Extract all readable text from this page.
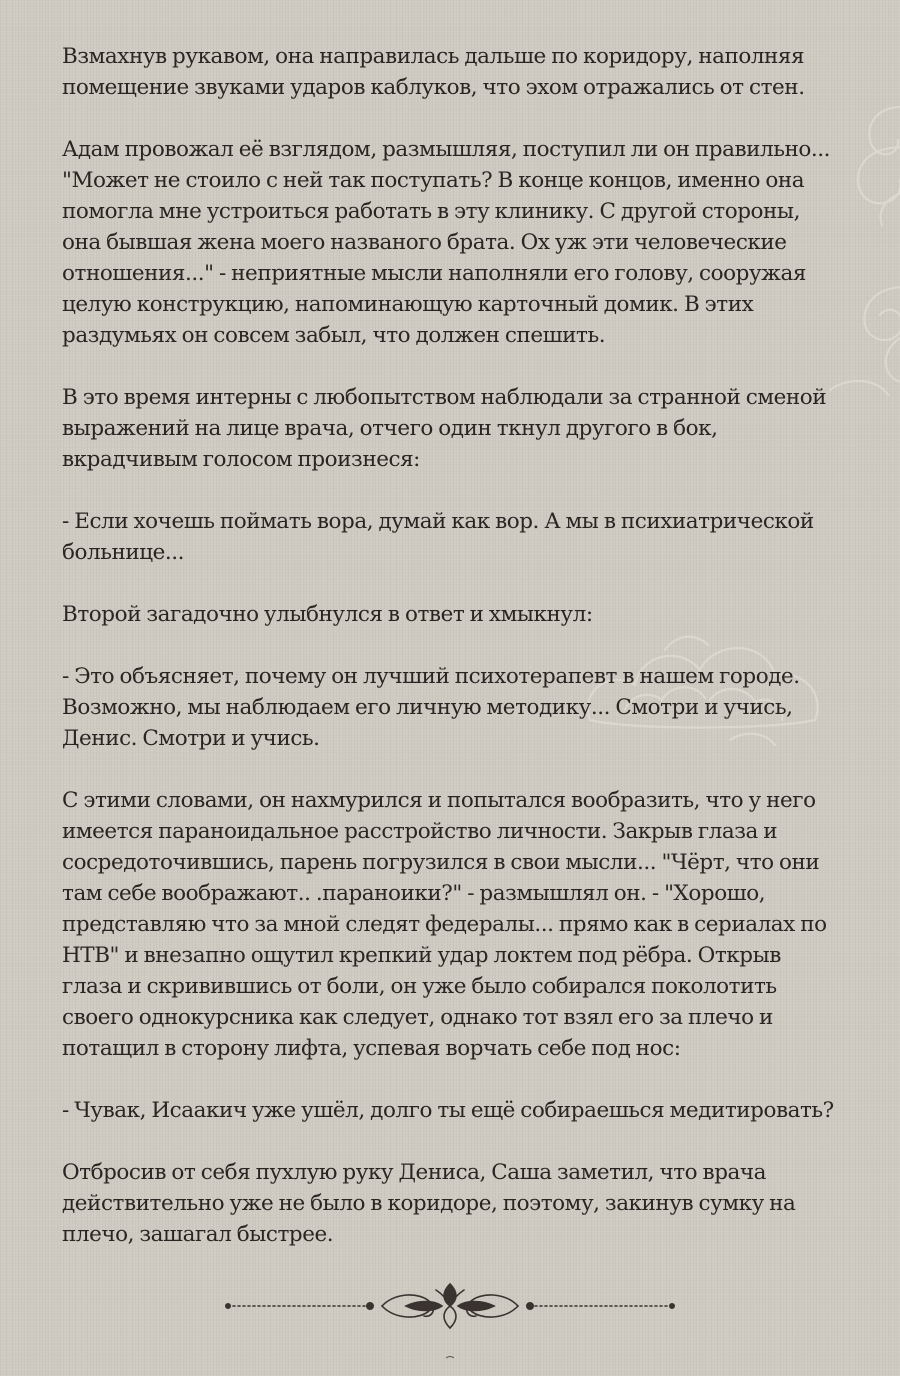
Взмахнув рукавом, она направилась дальше по коридору, наполняя
помещение звуками ударов каблуков, что эхом отражались от стен.

Адам провожал её взглядом, размышляя, поступил ли он правильно...
"Может не стоило с ней так поступать? В конце концов, именно она
помогла мне устроиться работать в эту клинику. С другой стороны,
она бывшая жена моего названого брата. Ох уж эти человеческие
отношения..." - неприятные мысли наполняли его голову, сооружая
целую конструкцию, напоминающую карточный домик. В этих
раздумьях он совсем забыл, что должен спешить.

В это время интерны с любопытством наблюдали за странной сменой
выражений на лице врача, отчего один ткнул другого в бок,
вкрадчивым голосом произнеся:

- Если хочешь поймать вора, думай как вор. А мы в психиатрической
больнице...

Второй загадочно улыбнулся в ответ и хмыкнул:

- Это объясняет, почему он лучший психотерапевт в нашем городе.
Возможно, мы наблюдаем его личную методику... Смотри и учись,
Денис. Смотри и учись.

С этими словами, он нахмурился и попытался вообразить, что у него
имеется параноидальное расстройство личности. Закрыв глаза и
сосредоточившись, парень погрузился в свои мысли... "Чёрт, что они
там себе воображают.. .параноики?" - размышлял он. - "Хорошо,
представляю что за мной следят федералы... прямо как в сериалах по
НТВ" и внезапно ощутил крепкий удар локтем под рёбра. Открыв
глаза и скривившись от боли, он уже было собирался поколотить
своего однокурсника как следует, однако тот взял его за плечо и
потащил в сторону лифта, успевая ворчать себе под нос:

- Чувак, Исаакич уже ушёл, долго ты ещё собираешься медитировать?

Отбросив от себя пухлую руку Дениса, Саша заметил, что врача
действительно уже не было в коридоре, поэтому, закинув сумку на
плечо, зашагал быстрее.
